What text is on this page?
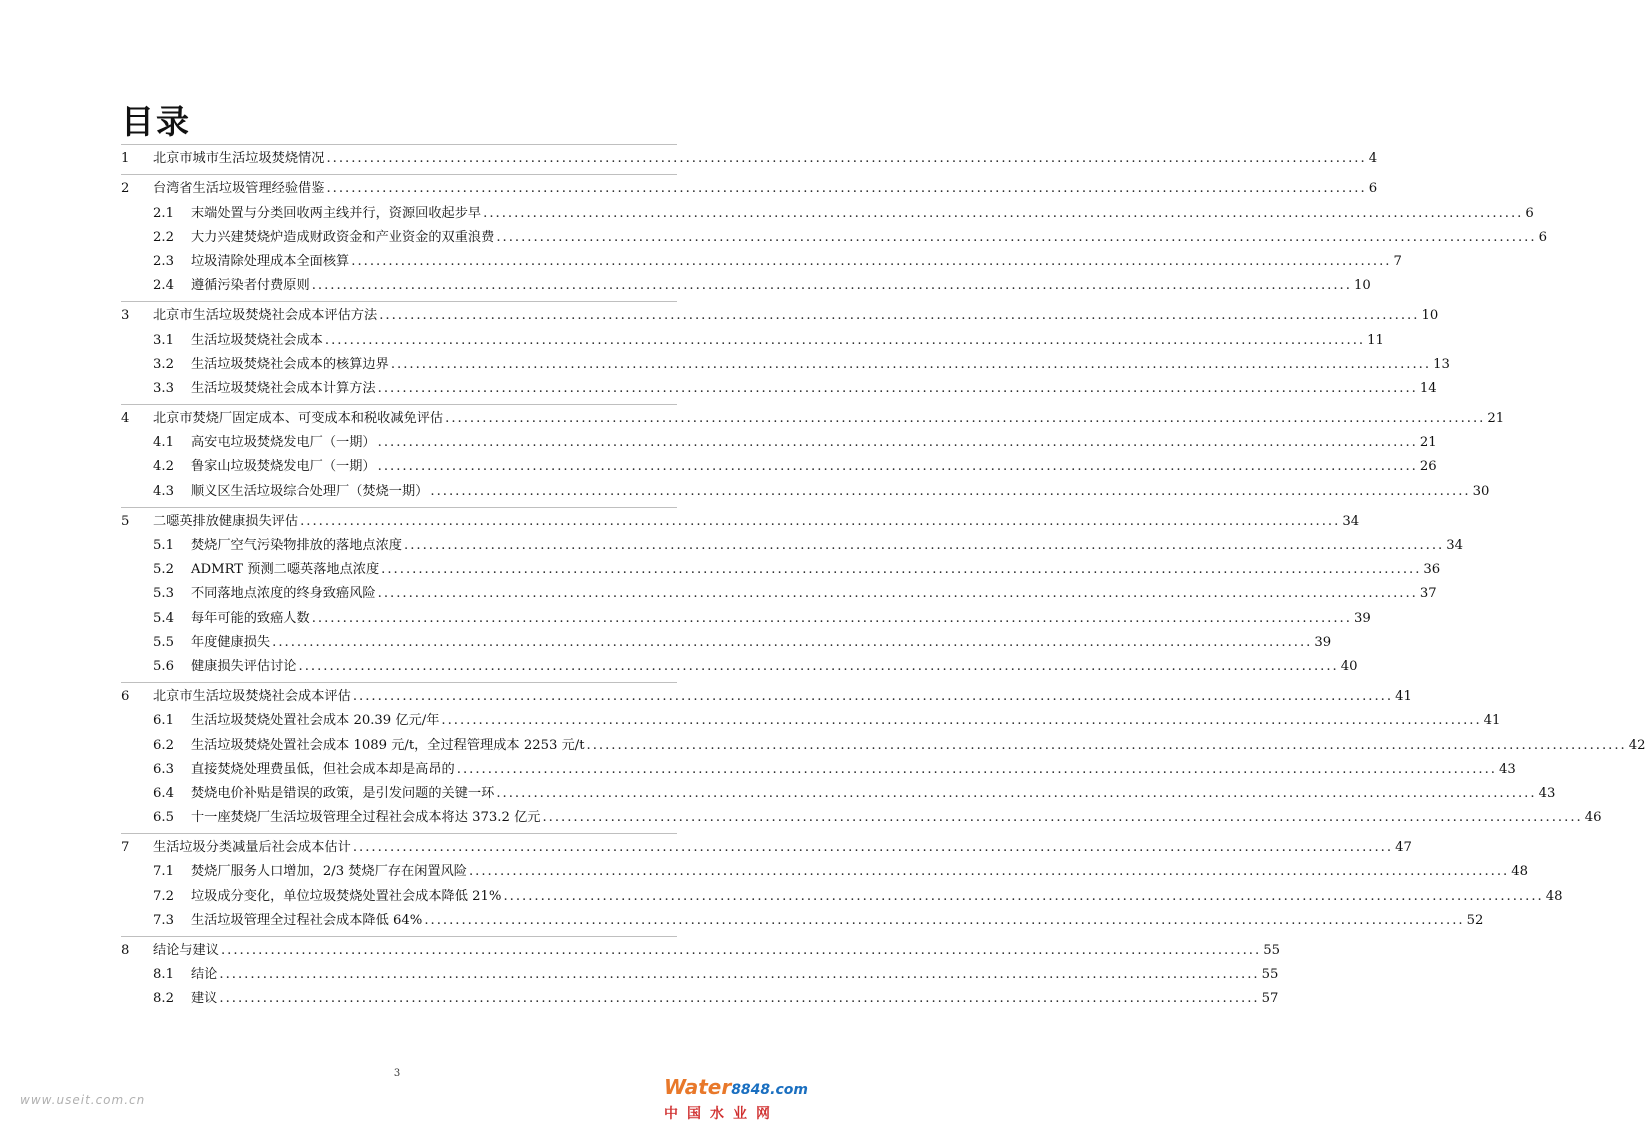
目录
1	北京市城市生活垃圾焚烧情况 .....	4
2	台湾省生活垃圾管理经验借鉴 .....	6
2.1	末端处置与分类回收两主线并行，资源回收起步早 .....	6
2.2	大力兴建焚烧炉造成财政资金和产业资金的双重浪费 .....	6
2.3	垃圾清除处理成本全面核算 .....	7
2.4	遵循污染者付费原则 .....	10
3	北京市生活垃圾焚烧社会成本评估方法 .....	10
3.1	生活垃圾焚烧社会成本 .....	11
3.2	生活垃圾焚烧社会成本的核算边界 .....	13
3.3	生活垃圾焚烧社会成本计算方法 .....	14
4	北京市焚烧厂固定成本、可变成本和税收减免评估 .....	21
4.1	高安屯垃圾焚烧发电厂（一期） .....	21
4.2	鲁家山垃圾焚烧发电厂（一期） .....	26
4.3	顺义区生活垃圾综合处理厂（焚烧一期） .....	30
5	二噁英排放健康损失评估 .....	34
5.1	焚烧厂空气污染物排放的落地点浓度 .....	34
5.2	ADMRT 预测二噁英落地点浓度 .....	36
5.3	不同落地点浓度的终身致癌风险 .....	37
5.4	每年可能的致癌人数 .....	39
5.5	年度健康损失 .....	39
5.6	健康损失评估讨论 .....	40
6	北京市生活垃圾焚烧社会成本评估 .....	41
6.1	生活垃圾焚烧处置社会成本 20.39 亿元/年 .....	41
6.2	生活垃圾焚烧处置社会成本 1089 元/t，全过程管理成本 2253 元/t .....	42
6.3	直接焚烧处理费虽低，但社会成本却是高昂的 .....	43
6.4	焚烧电价补贴是错误的政策，是引发问题的关键一环 .....	43
6.5	十一座焚烧厂生活垃圾管理全过程社会成本将达 373.2 亿元 .....	46
7	生活垃圾分类减量后社会成本估计 .....	47
7.1	焚烧厂服务人口增加，2/3 焚烧厂存在闲置风险 .....	48
7.2	垃圾成分变化，单位垃圾焚烧处置社会成本降低 21% .....	48
7.3	生活垃圾管理全过程社会成本降低 64% .....	52
8	结论与建议 .....	55
8.1	结论 .....	55
8.2	建议 .....	57
3
www.useit.com.cn
Water8848.com
中国水业网
